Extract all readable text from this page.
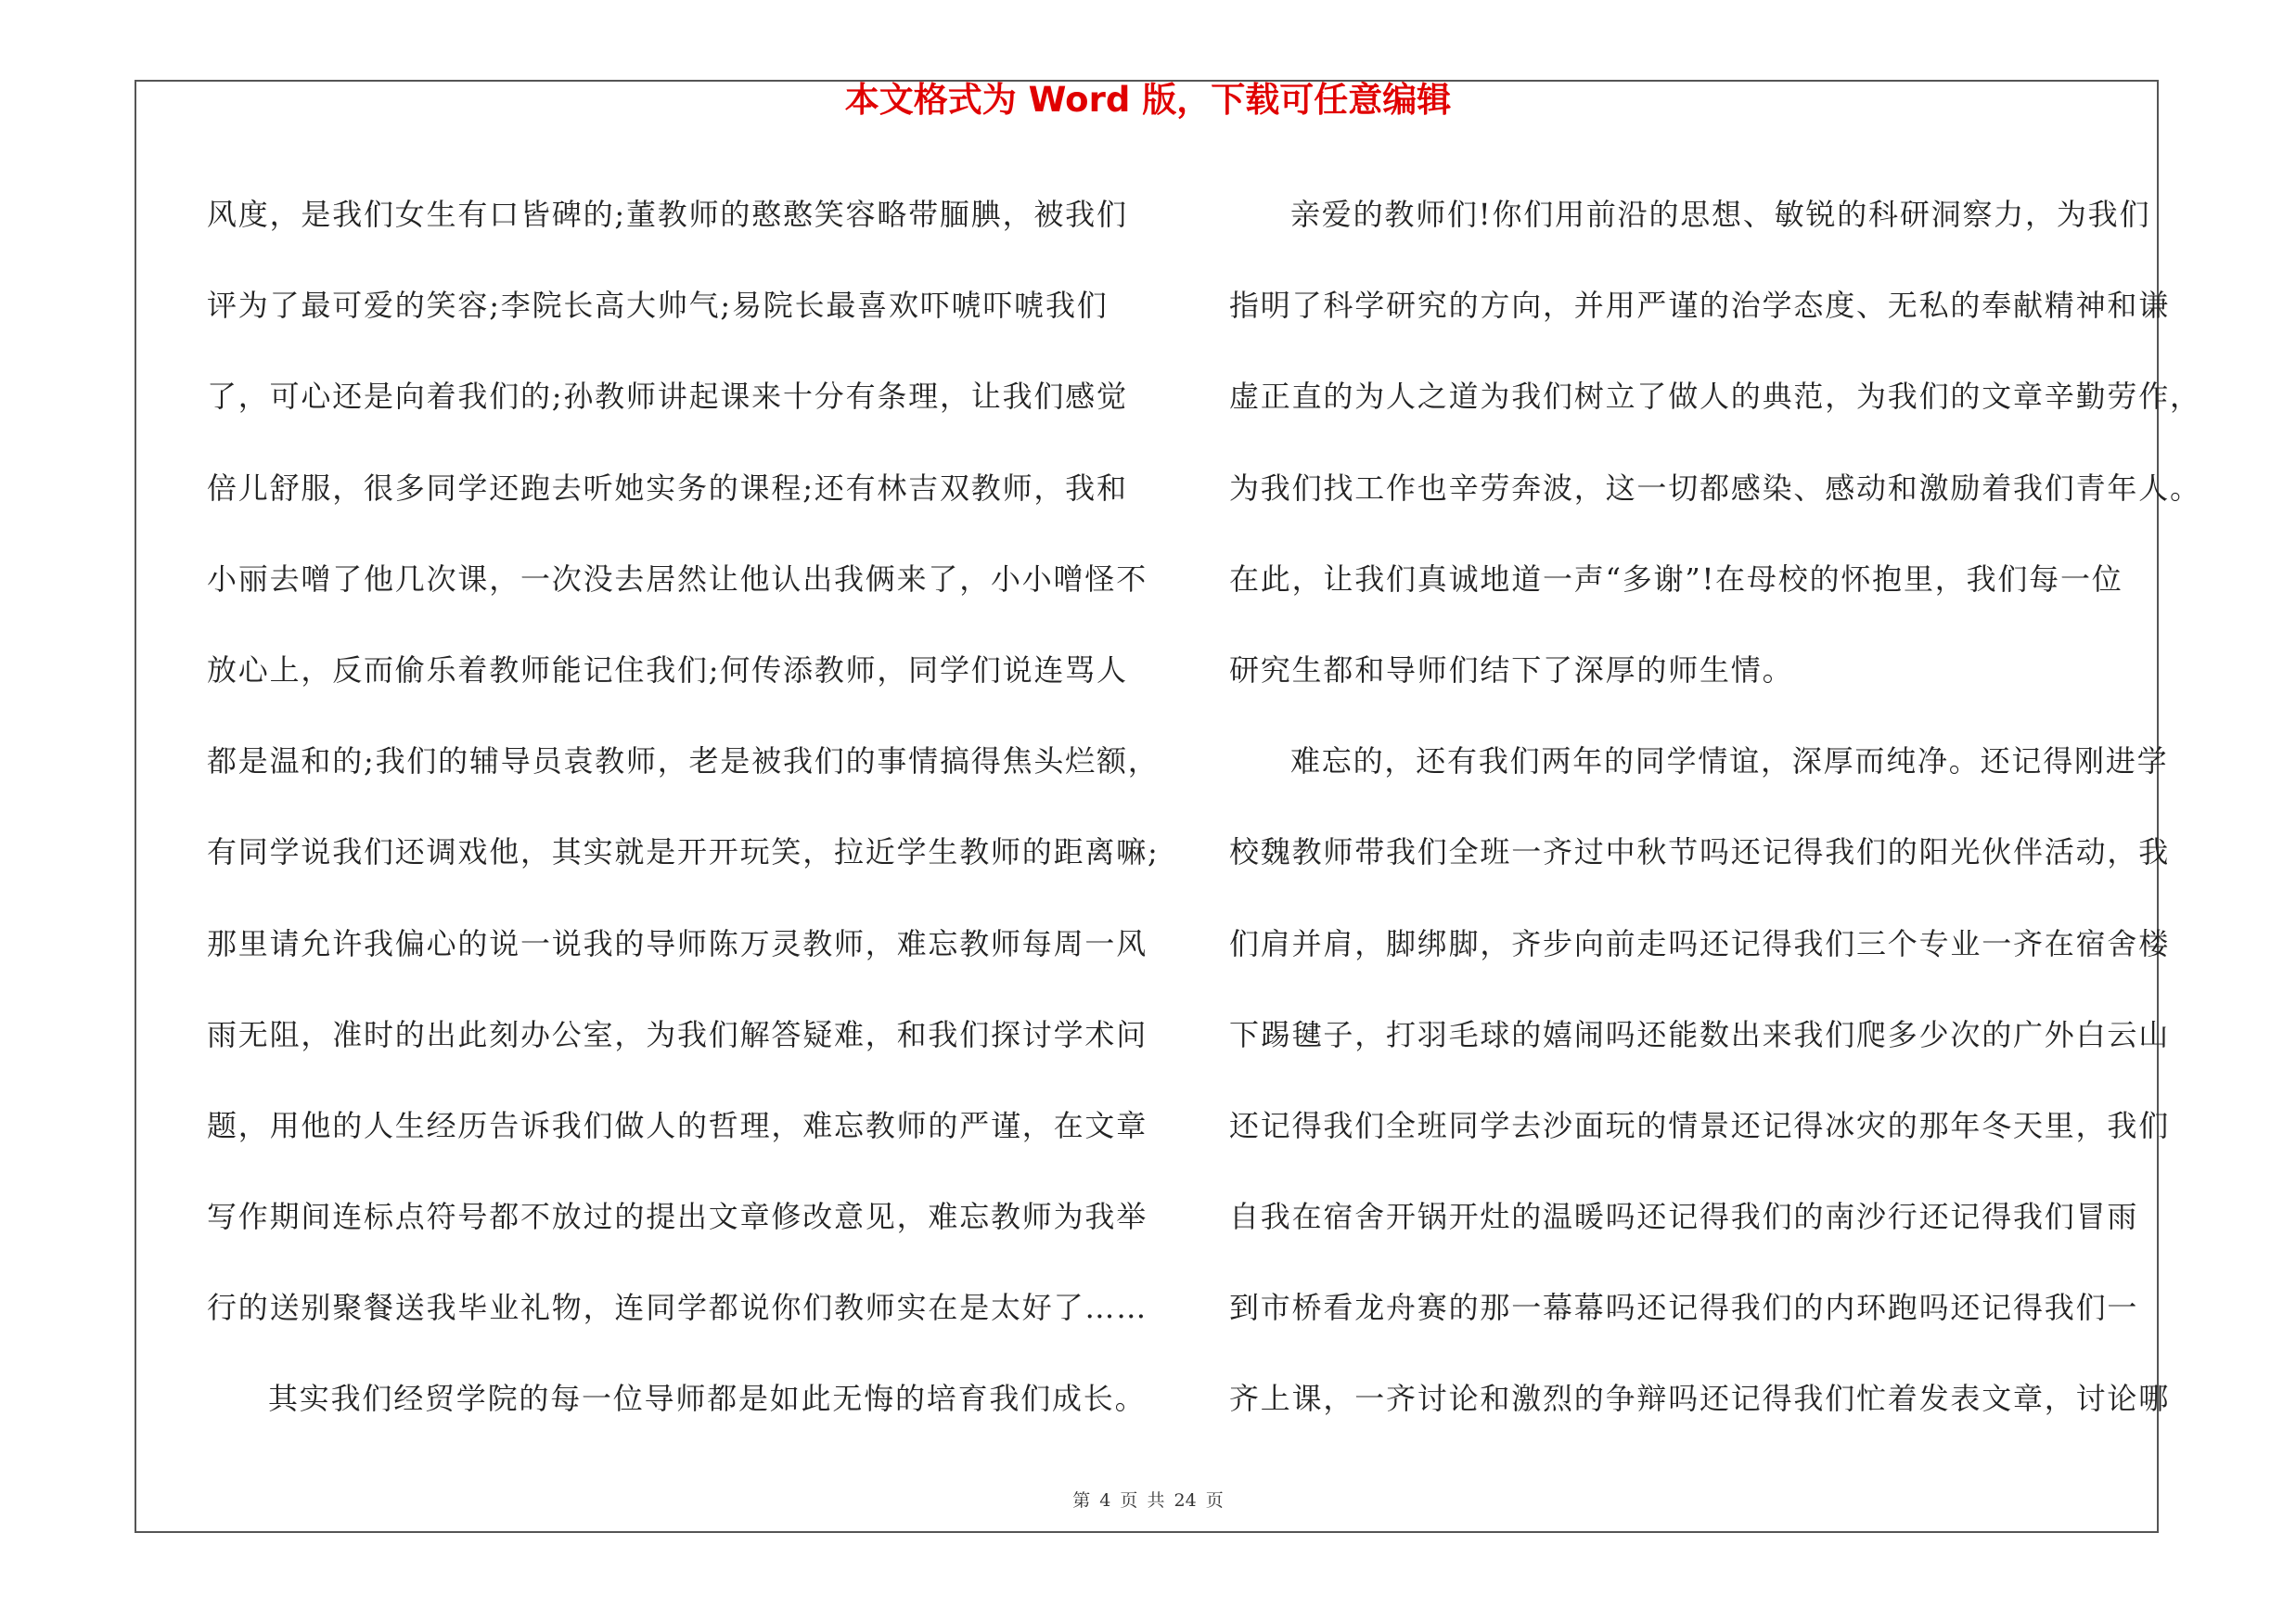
本文格式为 Word 版，下载可任意编辑
风度，是我们女生有口皆碑的;董教师的憨憨笑容略带腼腆，被我们
评为了最可爱的笑容;李院长高大帅气;易院长最喜欢吓唬吓唬我们
了，可心还是向着我们的;孙教师讲起课来十分有条理，让我们感觉
倍儿舒服，很多同学还跑去听她实务的课程;还有林吉双教师，我和
小丽去噌了他几次课，一次没去居然让他认出我俩来了，小小噌怪不
放心上，反而偷乐着教师能记住我们;何传添教师，同学们说连骂人
都是温和的;我们的辅导员袁教师，老是被我们的事情搞得焦头烂额，
有同学说我们还调戏他，其实就是开开玩笑，拉近学生教师的距离嘛;
那里请允许我偏心的说一说我的导师陈万灵教师，难忘教师每周一风
雨无阻，准时的出此刻办公室，为我们解答疑难，和我们探讨学术问
题，用他的人生经历告诉我们做人的哲理，难忘教师的严谨，在文章
写作期间连标点符号都不放过的提出文章修改意见，难忘教师为我举
行的送别聚餐送我毕业礼物，连同学都说你们教师实在是太好了……
其实我们经贸学院的每一位导师都是如此无悔的培育我们成长。
亲爱的教师们!你们用前沿的思想、敏锐的科研洞察力，为我们
指明了科学研究的方向，并用严谨的治学态度、无私的奉献精神和谦
虚正直的为人之道为我们树立了做人的典范，为我们的文章辛勤劳作，
为我们找工作也辛劳奔波，这一切都感染、感动和激励着我们青年人。
在此，让我们真诚地道一声“多谢”!在母校的怀抱里，我们每一位
研究生都和导师们结下了深厚的师生情。
难忘的，还有我们两年的同学情谊，深厚而纯净。还记得刚进学
校魏教师带我们全班一齐过中秋节吗还记得我们的阳光伙伴活动，我
们肩并肩，脚绑脚，齐步向前走吗还记得我们三个专业一齐在宿舍楼
下踢毽子，打羽毛球的嬉闹吗还能数出来我们爬多少次的广外白云山
还记得我们全班同学去沙面玩的情景还记得冰灾的那年冬天里，我们
自我在宿舍开锅开灶的温暖吗还记得我们的南沙行还记得我们冒雨
到市桥看龙舟赛的那一幕幕吗还记得我们的内环跑吗还记得我们一
齐上课，一齐讨论和激烈的争辩吗还记得我们忙着发表文章，讨论哪
第 4 页 共 24 页
